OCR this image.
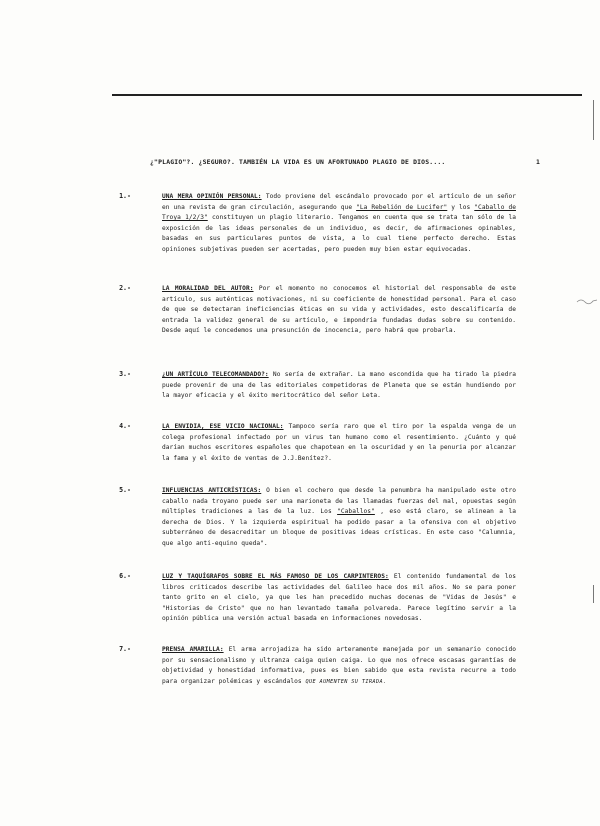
¿"PLAGIO"?. ¿SEGURO?. TAMBIÉN LA VIDA ES UN AFORTUNADO PLAGIO DE DIOS....	1
1.-	UNA MERA OPINIÓN PERSONAL: Todo proviene del escándalo provocado por el artículo de un señor en una revista de gran circulación, asegurando que "La Rebelión de Lucifer" y los "Caballo de Troya 1/2/3" constituyen un plagio literario. Tengamos en cuenta que se trata tan sólo de la exposición de las ideas personales de un individuo, es decir, de afirmaciones opinables, basadas en sus particulares puntos de vista, a lo cual tiene perfecto derecho. Estas opiniones subjetivas pueden ser acertadas, pero pueden muy bien estar equivocadas.
2.-	LA MORALIDAD DEL AUTOR: Por el momento no conocemos el historial del responsable de este artículo, sus auténticas motivaciones, ni su coeficiente de honestidad personal. Para el caso de que se detectaran ineficiencias éticas en su vida y actividades, esto descalificaría de entrada la validez general de su artículo, e impondría fundadas dudas sobre su contenido. Desde aquí le concedemos una presunción de inocencia, pero habrá que probarla.
3.-	¿UN ARTÍCULO TELECOMANDADO?: No sería de extrañar. La mano escondida que ha tirado la piedra puede provenir de una de las editoriales competidoras de Planeta que se están hundiendo por la mayor eficacia y el éxito meritocrático del señor Leta.
4.-	LA ENVIDIA, ESE VICIO NACIONAL: Tampoco sería raro que el tiro por la espalda venga de un colega profesional infectado por un virus tan humano como el resentimiento. ¿Cuánto y qué darían muchos escritores españoles que chapotean en la oscuridad y en la penuria por alcanzar la fama y el éxito de ventas de J.J.Benítez?.
5.-	INFLUENCIAS ANTICRÍSTICAS: O bien el cochero que desde la penumbra ha manipulado este otro caballo nada troyano puede ser una marioneta de las llamadas fuerzas del mal, opuestas según múltiples tradiciones a las de la luz. Los "Caballos" , eso está claro, se alinean a la derecha de Dios. Y la izquierda espiritual ha podido pasar a la ofensiva con el objetivo subterráneo de desacreditar un bloque de positivas ideas crísticas. En este caso "Calumnia, que algo anti-equino queda".
6.-	LUZ Y TAQUÍGRAFOS SOBRE EL MÁS FAMOSO DE LOS CARPINTEROS: El contenido fundamental de los libros criticados describe las actividades del Galileo hace dos mil años. No se para poner tanto grito en el cielo, ya que les han precedido muchas docenas de "Vidas de Jesús" e "Historias de Cristo" que no han levantado tamaña polvareda. Parece legítimo servir a la opinión pública una versión actual basada en informaciones novedosas.
7.-	PRENSA AMARILLA: El arma arrojadiza ha sido arteramente manejada por un semanario conocido por su sensacionalismo y ultranza caiga quien caiga. Lo que nos ofrece escasas garantías de objetividad y honestidad informativa, pues es bien sabido que esta revista recurre a todo para organizar polémicas y escándalos QUE AUMENTEN SU TIRADA.
